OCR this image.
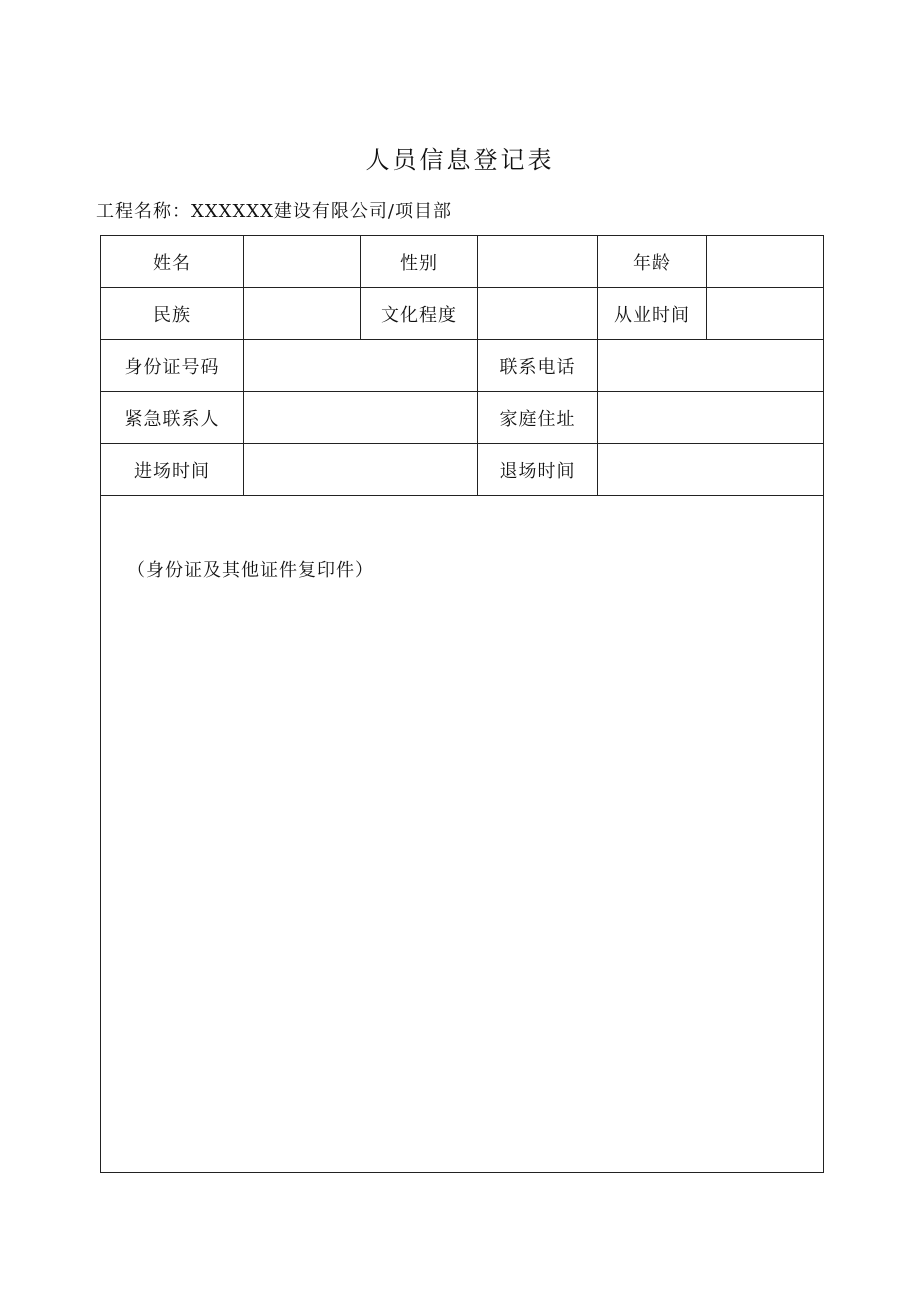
人员信息登记表
工程名称：XXXXXX建设有限公司/项目部
姓名		性别		年龄	
民族		文化程度		从业时间	
身份证号码			联系电话		
紧急联系人			家庭住址		
进场时间			退场时间		
（身份证及其他证件复印件）					
